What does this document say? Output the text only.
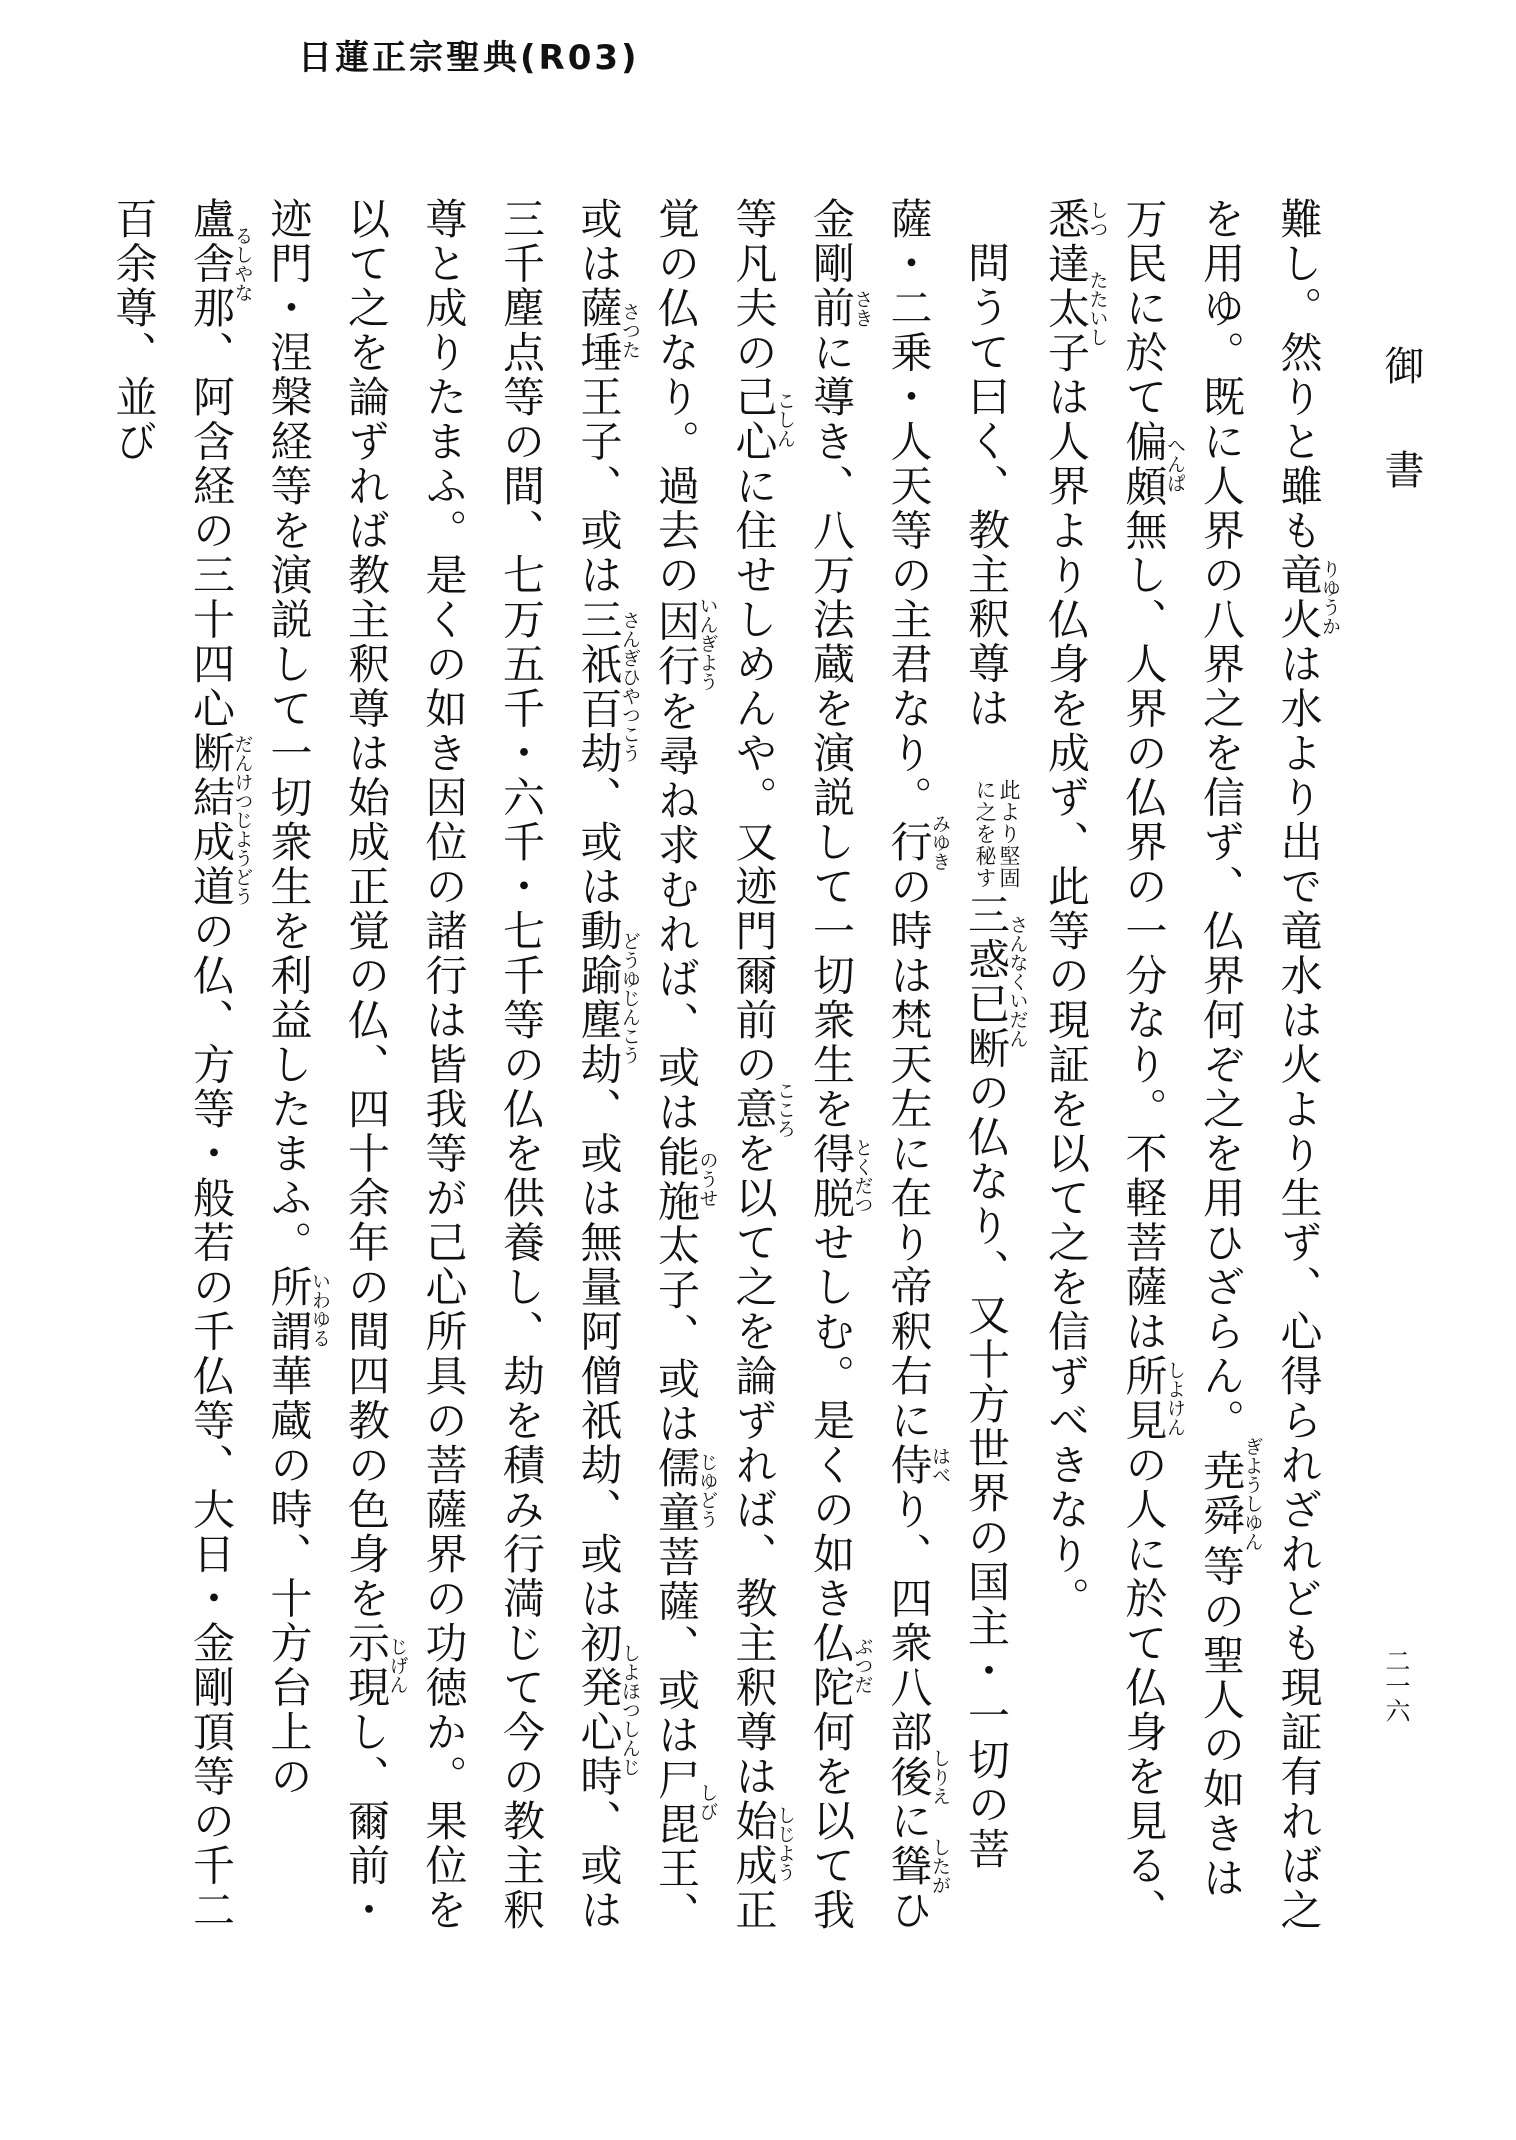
日蓮正宗聖典(R03)
御書
二一六

難し。然りと雖も竜火りゆうかは水より出で竜水は火より生ず、心得られざれども現証有れば之を用ゆ。既に人界の八界之を信ず、仏界何ぞ之を用ひざらん。尭舜ぎようしゆん等の聖人の如きは万民に於て偏頗へんぱ無し、人界の仏界の一分なり。不軽菩薩は所見しよけんの人に於て仏身を見る、悉しつ達太子たたいしは人界より仏身を成ず、此等の現証を以て之を信ずべきなり。

問うて曰く、教主釈尊は
此より堅固
に之を秘す
三惑已断さんなくいだんの仏なり、又十方世界の国主・一切の菩薩・二乗・人天等の主君なり。行みゆきの時は梵天左に在り帝釈右に侍はべり、四衆八部後しりえに聳したがひ金剛前さきに導き、八万法蔵を演説して一切衆生を得脱とくだつせしむ。是くの如き仏陀ぶつだ何を以て我等凡夫の己心こしんに住せしめんや。又迹門爾前の意こころを以て之を論ずれば、教主釈尊は始成しじよう正覚の仏なり。過去の因行いんぎようを尋ね求むれば、或は能施のうせ太子、或は儒童じゆどう菩薩、或は尸毘しび王、或は薩埵さつた王子、或は三祇百劫さんぎひやつこう、或は動踰塵劫どうゆじんこう、或は無量阿僧祇劫、或は初発心時しよほつしんじ、或は三千塵点等の間、七万五千・六千・七千等の仏を供養し、劫を積み行満じて今の教主釈尊と成りたまふ。是くの如き因位の諸行は皆我等が己心所具の菩薩界の功徳か。果位を以て之を論ずれば教主釈尊は始成正覚の仏、四十余年の間四教の色身を示現じげんし、爾前・迹門・涅槃経等を演説して一切衆生を利益したまふ。所謂いわゆる華蔵の時、十方台上の盧舎那るしやな、阿含経の三十四心断結成道だんけつじようどうの仏、方等・般若の千仏等、大日・金剛頂等の千二百余尊、並び
